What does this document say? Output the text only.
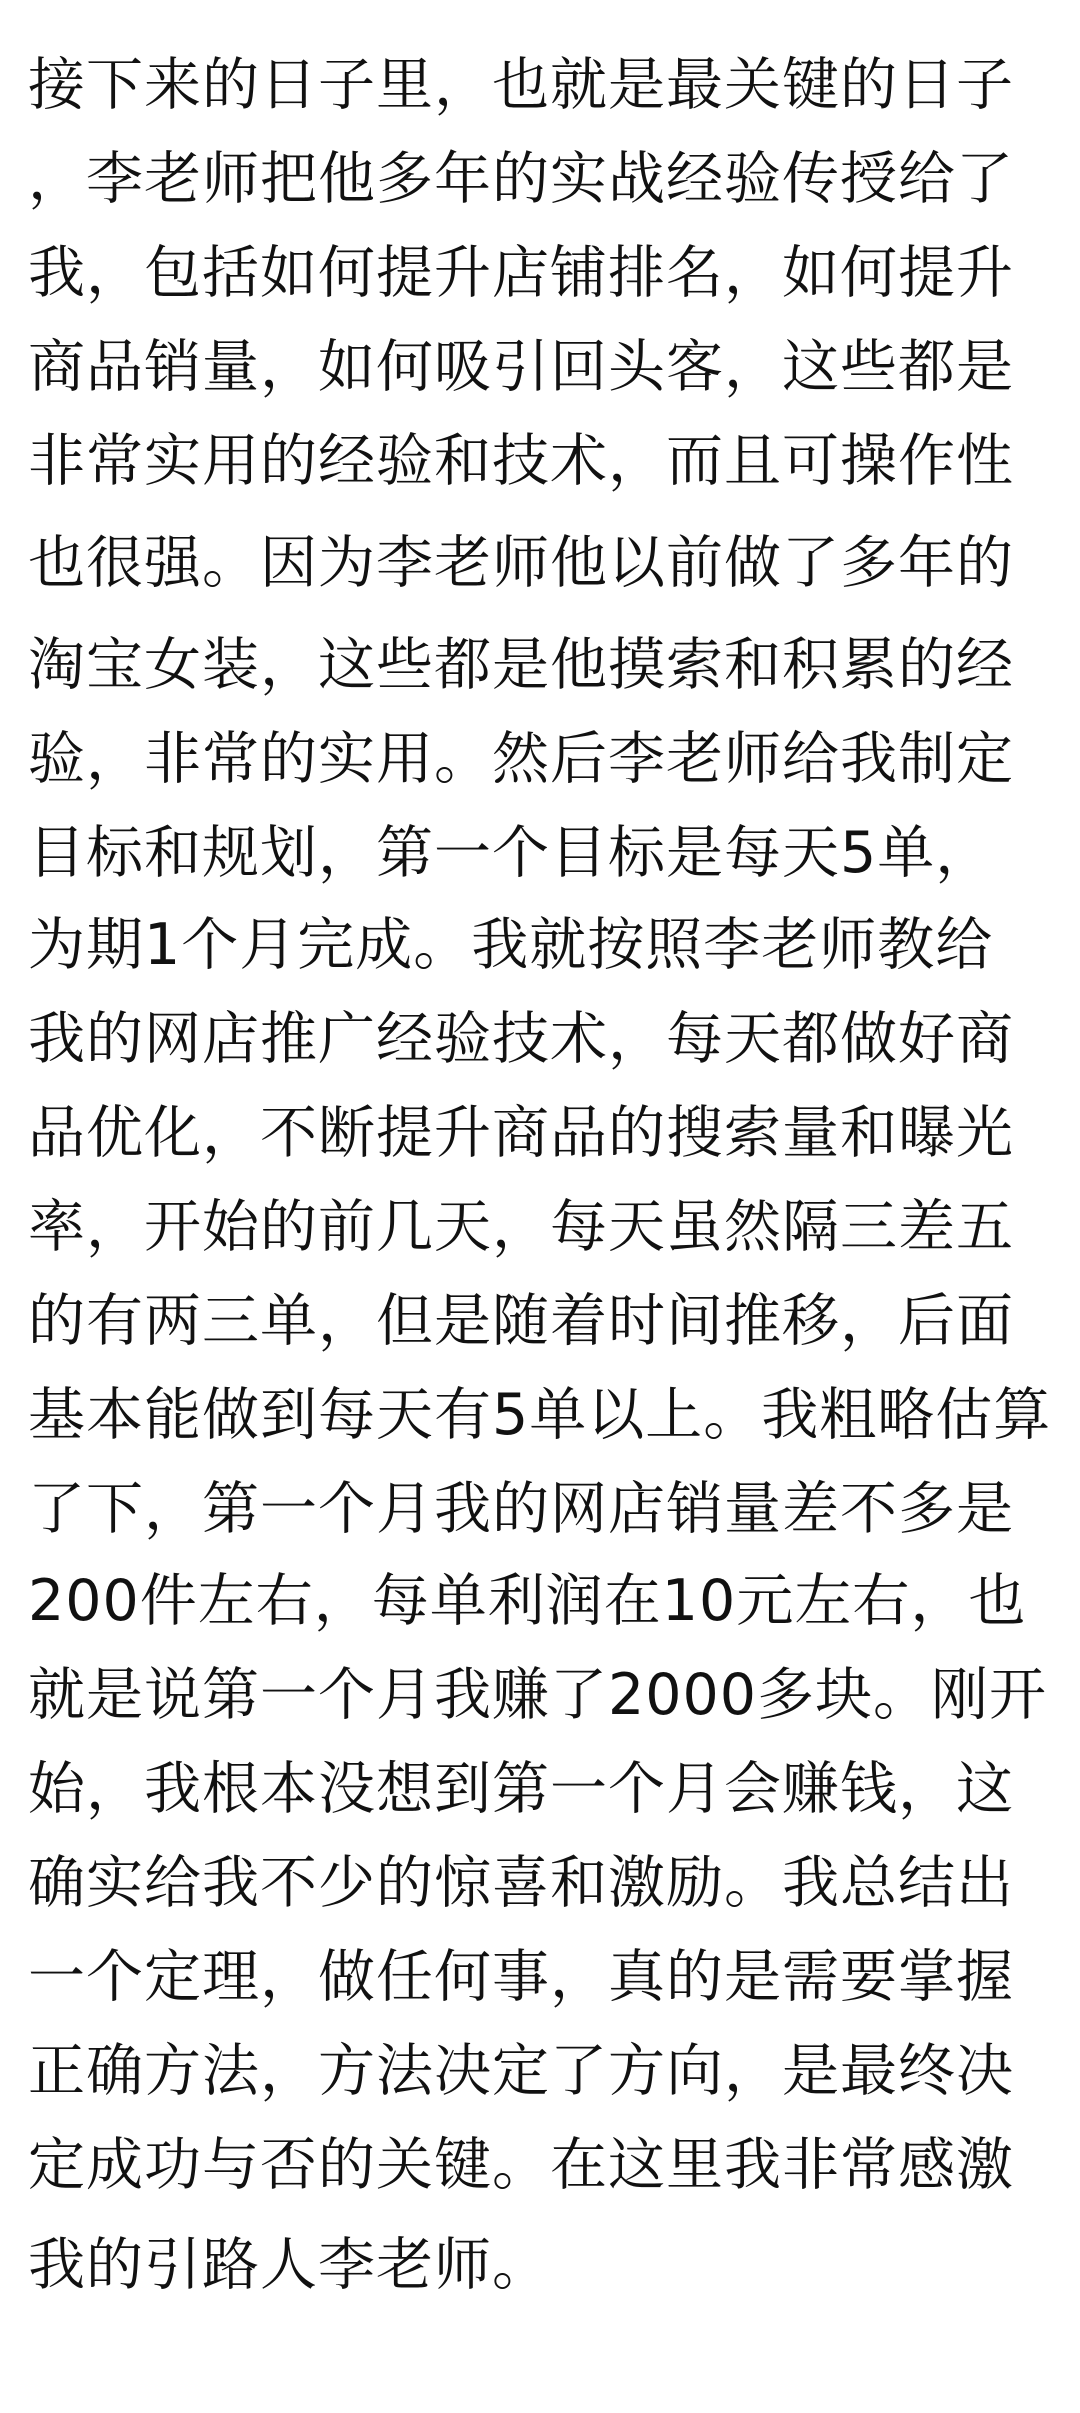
接下来的日子里，也就是最关键的日子
，李老师把他多年的实战经验传授给了
我，包括如何提升店铺排名，如何提升
商品销量，如何吸引回头客，这些都是
非常实用的经验和技术，而且可操作性
也很强。因为李老师他以前做了多年的
淘宝女装，这些都是他摸索和积累的经
验，非常的实用。然后李老师给我制定
目标和规划，第一个目标是每天5单，
为期1个月完成。我就按照李老师教给
我的网店推广经验技术，每天都做好商
品优化，不断提升商品的搜索量和曝光
率，开始的前几天，每天虽然隔三差五
的有两三单，但是随着时间推移，后面
基本能做到每天有5单以上。我粗略估算
了下，第一个月我的网店销量差不多是
200件左右，每单利润在10元左右，也
就是说第一个月我赚了2000多块。刚开
始，我根本没想到第一个月会赚钱，这
确实给我不少的惊喜和激励。我总结出
一个定理，做任何事，真的是需要掌握
正确方法，方法决定了方向，是最终决
定成功与否的关键。在这里我非常感激
我的引路人李老师。
